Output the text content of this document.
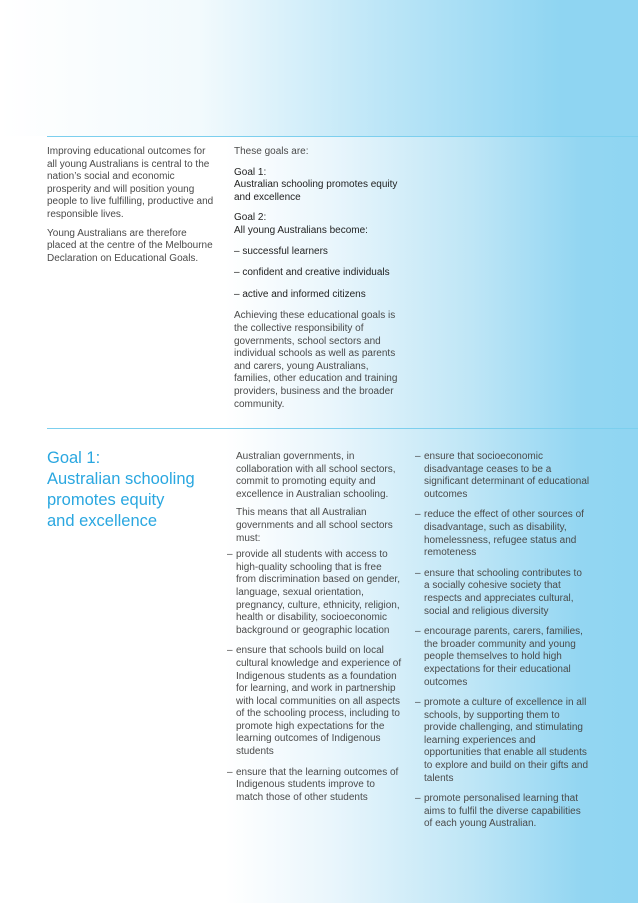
Improving educational outcomes for all young Australians is central to the nation’s social and economic prosperity and will position young people to live fulfilling, productive and responsible lives.

Young Australians are therefore placed at the centre of the Melbourne Declaration on Educational Goals.

These goals are:

Goal 1:

Australian schooling promotes equity and excellence

Goal 2:

All young Australians become:

– successful learners
– confident and creative individuals
– active and informed citizens

Achieving these educational goals is the collective responsibility of governments, school sectors and individual schools as well as parents and carers, young Australians, families, other education and training providers, business and the broader community.

Goal 1:
Australian schooling
promotes equity
and excellence

Australian governments, in collaboration with all school sectors, commit to promoting equity and excellence in Australian schooling.

This means that all Australian governments and all school sectors must:

– provide all students with access to high-quality schooling that is free from discrimination based on gender, language, sexual orientation, pregnancy, culture, ethnicity, religion, health or disability, socioeconomic background or geographic location
– ensure that schools build on local cultural knowledge and experience of Indigenous students as a foundation for learning, and work in partnership with local communities on all aspects of the schooling process, including to promote high expectations for the learning outcomes of Indigenous students
– ensure that the learning outcomes of Indigenous students improve to match those of other students
– ensure that socioeconomic disadvantage ceases to be a significant determinant of educational outcomes
– reduce the effect of other sources of disadvantage, such as disability, homelessness, refugee status and remoteness
– ensure that schooling contributes to a socially cohesive society that respects and appreciates cultural, social and religious diversity
– encourage parents, carers, families, the broader community and young people themselves to hold high expectations for their educational outcomes
– promote a culture of excellence in all schools, by supporting them to provide challenging, and stimulating learning experiences and opportunities that enable all students to explore and build on their gifts and talents
– promote personalised learning that aims to fulfil the diverse capabilities of each young Australian.
